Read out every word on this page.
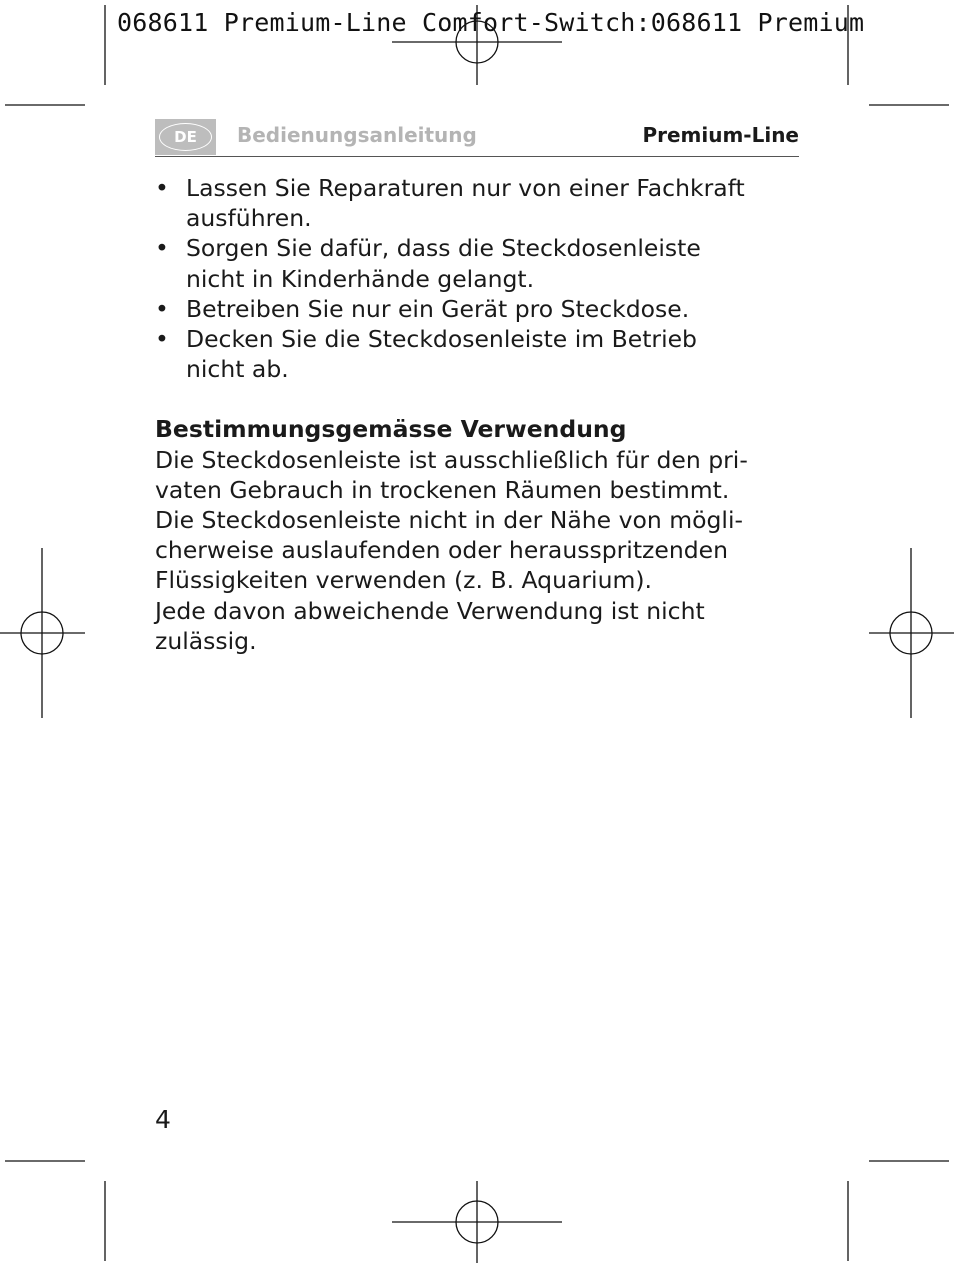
068611 Premium-Line Comfort-Switch:068611 Premium
DE	Bedienungsanleitung	Premium-Line
• Lassen Sie Reparaturen nur von einer Fachkraft
ausführen.
• Sorgen Sie dafür, dass die Steckdosenleiste
nicht in Kinderhände gelangt.
• Betreiben Sie nur ein Gerät pro Steckdose.
• Decken Sie die Steckdosenleiste im Betrieb
nicht ab.
Bestimmungsgemässe Verwendung

Die Steckdosenleiste ist ausschließlich für den pri-
vaten Gebrauch in trockenen Räumen bestimmt.
Die Steckdosenleiste nicht in der Nähe von mögli-
cherweise auslaufenden oder herausspritzenden
Flüssigkeiten verwenden (z. B. Aquarium).
Jede davon abweichende Verwendung ist nicht
zulässig.

4
